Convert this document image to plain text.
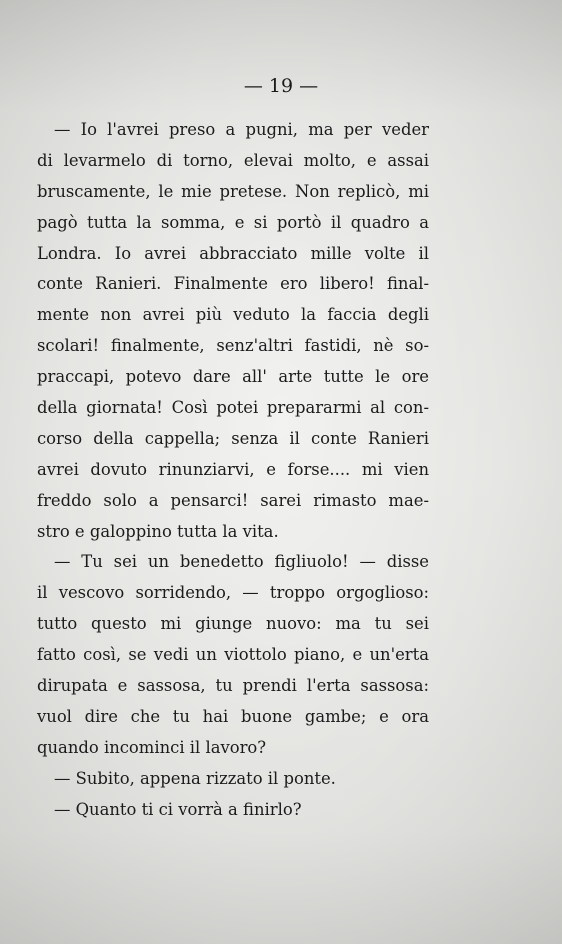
— 19 —
— Io l'avrei preso a pugni, ma per veder
di levarmelo di torno, elevai molto, e assai
bruscamente, le mie pretese. Non replicò, mi
pagò tutta la somma, e si portò il quadro a
Londra. Io avrei abbracciato mille volte il
conte Ranieri. Finalmente ero libero! final-
mente non avrei più veduto la faccia degli
scolari! finalmente, senz'altri fastidi, nè so-
praccapi, potevo dare all' arte tutte le ore
della giornata! Così potei prepararmi al con-
corso della cappella; senza il conte Ranieri
avrei dovuto rinunziarvi, e forse.... mi vien
freddo solo a pensarci! sarei rimasto mae-
stro e galoppino tutta la vita.
— Tu sei un benedetto figliuolo! — disse
il vescovo sorridendo, — troppo orgoglioso:
tutto questo mi giunge nuovo: ma tu sei
fatto così, se vedi un viottolo piano, e un'erta
dirupata e sassosa, tu prendi l'erta sassosa:
vuol dire che tu hai buone gambe; e ora
quando incominci il lavoro?
— Subito, appena rizzato il ponte.
— Quanto ti ci vorrà a finirlo?
